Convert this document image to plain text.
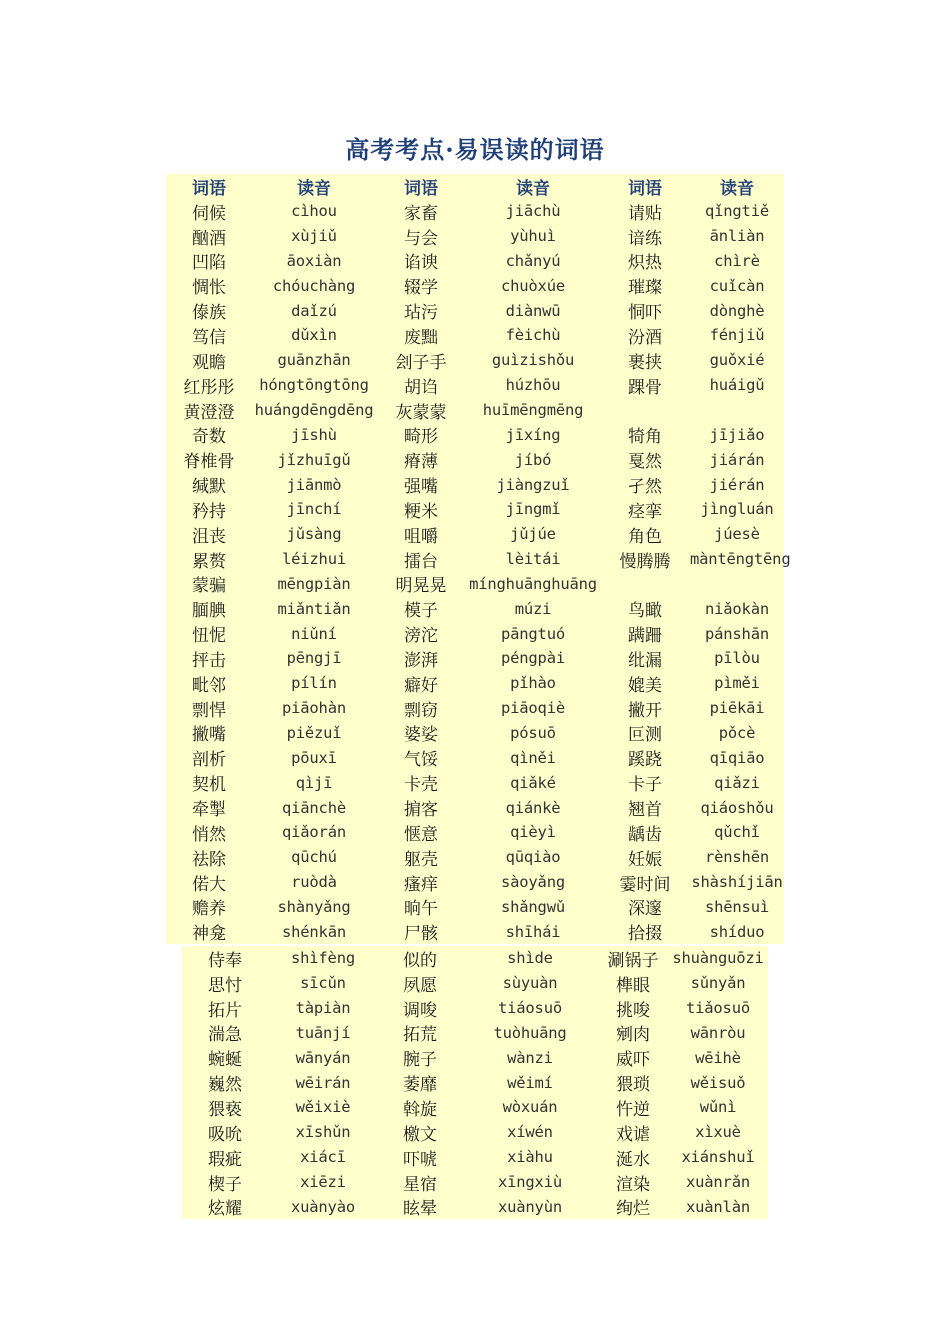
高考考点·易误读的词语
词语	读音	词语	读音	词语	读音
伺候	cìhou	家畜	jiāchù	请贴	qǐngtiě
酗酒	xùjiǔ	与会	yùhuì	谙练	ānliàn
凹陷	āoxiàn	谄谀	chǎnyú	炽热	chìrè
惆怅	chóuchàng	辍学	chuòxúe	璀璨	cuǐcàn
傣族	daǐzú	玷污	diànwū	恫吓	dònghè
笃信	dǔxìn	废黜	fèichù	汾酒	fénjiǔ
观瞻	guānzhān	刽子手	guìzishǒu	裹挟	guǒxié
红彤彤	hóngtōngtōng	胡诌	húzhōu	踝骨	huáigǔ
黄澄澄	huángdēngdēng	灰蒙蒙	huīmēngmēng
奇数	jīshù	畸形	jīxíng	犄角	jījiǎo
脊椎骨	jǐzhuīgǔ	瘠薄	jíbó	戛然	jiárán
缄默	jiānmò	强嘴	jiàngzuǐ	孑然	jiérán
矜持	jīnchí	粳米	jīngmǐ	痉挛	jìngluán
沮丧	jǔsàng	咀嚼	jǔjúe	角色	júesè
累赘	léizhui	擂台	lèitái	慢腾腾	màntēngtēng
蒙骗	mēngpiàn	明晃晃	mínghuānghuāng
腼腆	miǎntiǎn	模子	múzi	鸟瞰	niǎokàn
忸怩	niǔní	滂沱	pāngtuó	蹒跚	pánshān
抨击	pēngjī	澎湃	péngpài	纰漏	pīlòu
毗邻	pílín	癖好	pǐhào	媲美	pìměi
剽悍	piāohàn	剽窃	piāoqiè	撇开	piēkāi
撇嘴	piězuǐ	婆娑	pósuō	叵测	pǒcè
剖析	pōuxī	气馁	qìněi	蹊跷	qīqiāo
契机	qìjī	卡壳	qiǎké	卡子	qiǎzi
牵掣	qiānchè	掮客	qiánkè	翘首	qiáoshǒu
悄然	qiǎorán	惬意	qièyì	龋齿	qǔchǐ
祛除	qūchú	躯壳	qūqiào	妊娠	rènshēn
偌大	ruòdà	瘙痒	sàoyǎng	霎时间	shàshíjiān
赡养	shànyǎng	晌午	shǎngwǔ	深邃	shēnsuì
神龛	shénkān	尸骸	shīhái	拾掇	shíduo
侍奉	shìfèng	似的	shìde	涮锅子 shuànguōzi
思忖	sīcǔn	夙愿	sùyuàn	榫眼	sǔnyǎn
拓片	tàpiàn	调唆	tiáosuō	挑唆	tiǎosuō
湍急	tuānjí	拓荒	tuòhuāng	剜肉	wānròu
蜿蜒	wānyán	腕子	wànzi	威吓	wēihè
巍然	wēirán	萎靡	wěimí	猥琐	wěisuǒ
猥亵	wěixiè	斡旋	wòxuán	忤逆	wǔnì
吸吮	xīshǔn	檄文	xíwén	戏谑	xìxuè
瑕疵	xiácī	吓唬	xiàhu	涎水	xiánshuǐ
楔子	xiēzi	星宿	xīngxiù	渲染	xuànrǎn
炫耀	xuànyào	眩晕	xuànyùn	绚烂	xuànlàn
